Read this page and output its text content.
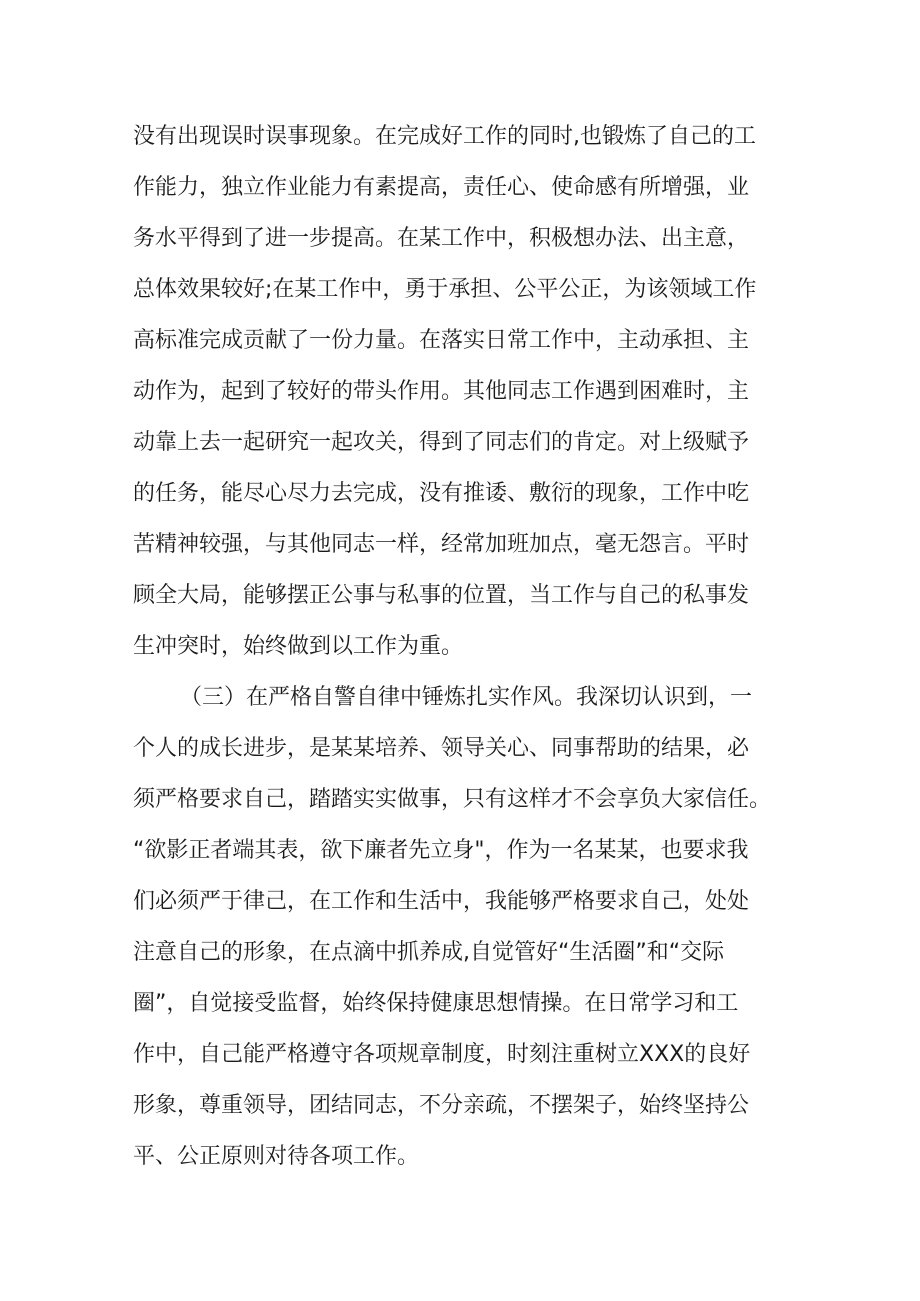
没有出现误时误事现象。在完成好工作的同时,也锻炼了自己的工

作能力，独立作业能力有素提高，责任心、使命感有所增强，业

务水平得到了进一步提高。在某工作中，积极想办法、出主意，

总体效果较好;在某工作中，勇于承担、公平公正，为该领域工作

高标准完成贡献了一份力量。在落实日常工作中，主动承担、主

动作为，起到了较好的带头作用。其他同志工作遇到困难时，主

动靠上去一起研究一起攻关，得到了同志们的肯定。对上级赋予

的任务，能尽心尽力去完成，没有推诿、敷衍的现象，工作中吃

苦精神较强，与其他同志一样，经常加班加点，毫无怨言。平时

顾全大局，能够摆正公事与私事的位置，当工作与自己的私事发

生冲突时，始终做到以工作为重。

（三）在严格自警自律中锤炼扎实作风。我深切认识到，一

个人的成长进步，是某某培养、领导关心、同事帮助的结果，必

须严格要求自己，踏踏实实做事，只有这样才不会享负大家信任。

“欲影正者端其表，欲下廉者先立身"，作为一名某某，也要求我

们必须严于律己，在工作和生活中，我能够严格要求自己，处处

注意自己的形象，在点滴中抓养成,自觉管好“生活圈”和“交际

圈”，自觉接受监督，始终保持健康思想情操。在日常学习和工

作中，自己能严格遵守各项规章制度，时刻注重树立XXX的良好

形象，尊重领导，团结同志，不分亲疏，不摆架子，始终坚持公

平、公正原则对待各项工作。
